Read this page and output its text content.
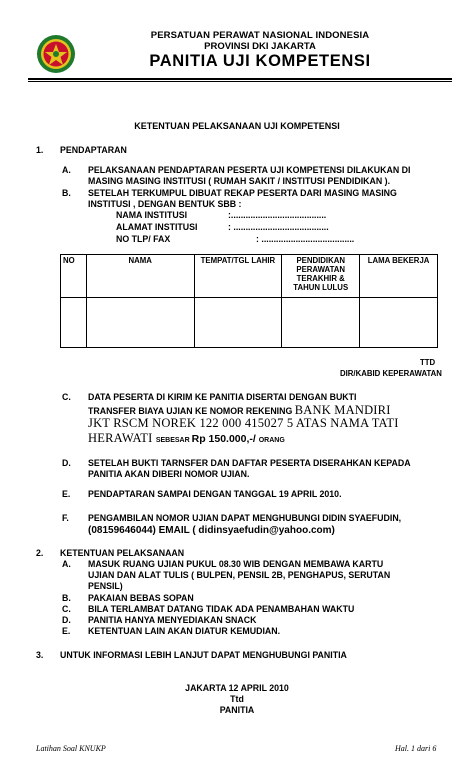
PERSATUAN PERAWAT NASIONAL INDONESIA
PROVINSI DKI JAKARTA
PANITIA UJI KOMPETENSI
KETENTUAN PELAKSANAAN UJI KOMPETENSI
1. PENDAPTARAN
A. PELAKSANAAN PENDAPTARAN PESERTA UJI KOMPETENSI DILAKUKAN DI
MASING MASING INSTITUSI ( RUMAH SAKIT / INSTITUSI PENDIDIKAN ).
B. SETELAH TERKUMPUL DIBUAT REKAP PESERTA DARI MASING MASING
INSTITUSI , DENGAN BENTUK SBB :
NAMA INSTITUSI	:.......................................
ALAMAT INSTITUSI	: .......................................
NO TLP/ FAX	: ......................................
NO	NAMA	TEMPAT/TGL LAHIR	PENDIDIKAN PERAWATAN TERAKHIR & TAHUN LULUS	LAMA BEKERJA

TTD
DIR/KABID KEPERAWATAN
C. DATA PESERTA DI KIRIM KE PANITIA DISERTAI DENGAN BUKTI
TRANSFER BIAYA UJIAN KE NOMOR REKENING BANK MANDIRI
JKT RSCM NOREK 122 000 415027 5 ATAS NAMA TATI
HERAWATI SEBESAR Rp 150.000,-/ ORANG
D. SETELAH BUKTI TARNSFER DAN DAFTAR PESERTA DISERAHKAN KEPADA
PANITIA AKAN DIBERI NOMOR UJIAN.
E. PENDAPTARAN SAMPAI DENGAN TANGGAL 19 APRIL 2010.
F. PENGAMBILAN NOMOR UJIAN DAPAT MENGHUBUNGI DIDIN SYAEFUDIN,
(08159646044) EMAIL ( didinsyaefudin@yahoo.com)
2. KETENTUAN PELAKSANAAN
A. MASUK RUANG UJIAN PUKUL 08.30 WIB DENGAN MEMBAWA KARTU
UJIAN DAN ALAT TULIS ( BULPEN, PENSIL 2B, PENGHAPUS, SERUTAN
PENSIL)
B. PAKAIAN BEBAS SOPAN
C. BILA TERLAMBAT DATANG TIDAK ADA PENAMBAHAN WAKTU
D. PANITIA HANYA MENYEDIAKAN SNACK
E. KETENTUAN LAIN AKAN DIATUR KEMUDIAN.
3. UNTUK INFORMASI LEBIH LANJUT DAPAT MENGHUBUNGI PANITIA
JAKARTA 12 APRIL 2010
Ttd
PANITIA
Latihan Soal KNUKP	Hal. 1 dari 6
